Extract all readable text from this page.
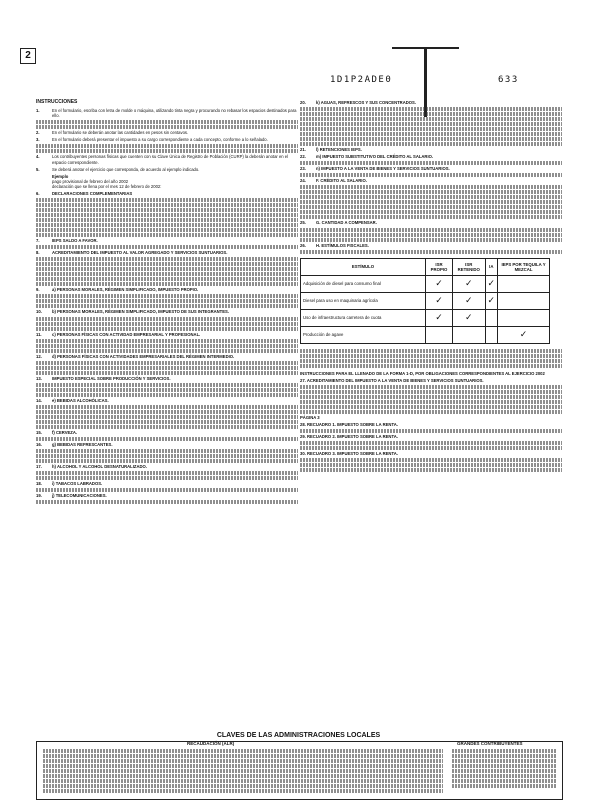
2
1D1P2ADE0	633
INSTRUCCIONES
1.	En el formulario, escriba con letra de molde o máquina, utilizando tinta negra y procurando no rebasar los espacios destinados para ello.
2.	En el formulario se deberán anotar las cantidades en pesos sin centavos.
3.	En el formulario deberá presentar el impuesto a su cargo correspondiente a cada concepto, conforme a lo señalado.
4.	Los contribuyentes personas físicas que cuenten con su Clave Única de Registro de Población (CURP) la deberán anotar en el espacio correspondiente.
5.	Se deberá anotar el ejercicio que corresponda, de acuerdo al ejemplo indicado.
Ejemplo
pago provisional de febrero del año 2002
declaración que se llena por el mes 12 de febrero de 2002:
6.	DECLARACIONES COMPLEMENTARIAS
7.	IEPS SALDO A FAVOR.
8.	ACREDITAMIENTO DEL IMPUESTO AL VALOR AGREGADO Y SERVICIOS SUNTUARIOS.
9.	a) PERSONAS MORALES, RÉGIMEN SIMPLIFICADO, IMPUESTO PROPIO.
10.	b) PERSONAS MORALES, RÉGIMEN SIMPLIFICADO, IMPUESTO DE SUS INTEGRANTES.
11.	c) PERSONAS FÍSICAS CON ACTIVIDAD EMPRESARIAL Y PROFESIONAL.
12.	d) PERSONAS FÍSICAS CON ACTIVIDADES EMPRESARIALES DEL RÉGIMEN INTERMEDIO.
13.	IMPUESTO ESPECIAL SOBRE PRODUCCIÓN Y SERVICIOS.
14.	e) BEBIDAS ALCOHÓLICAS.
15.	f) CERVEZA.
16.	g) BEBIDAS REFRESCANTES.
17.	h) ALCOHOL Y ALCOHOL DESNATURALIZADO.
18.	i) TABACOS LABRADOS.
19.	j) TELECOMUNICACIONES.
20.	k) AGUAS, REFRESCOS Y SUS CONCENTRADOS.
21.	l) RETENCIONES IEPS.
22.	m) IMPUESTO SUBSTITUTIVO DEL CRÉDITO AL SALARIO.
23.	n) IMPUESTO A LA VENTA DE BIENES Y SERVICIOS SUNTUARIOS.
24.	F. CRÉDITO AL SALARIO.
25.	G. CANTIDAD A COMPENSAR.
26.	H. ESTÍMULOS FISCALES.
ESTÍMULO	ISR PROPIO	ISR RETENIDO	IA	IEPS POR TEQUILA Y MEZCAL
Adquisición de diesel para consumo final	✓	✓	✓	
Diesel para uso en maquinaria agrícola	✓	✓	✓	
Uso de infraestructura carretera de cuota	✓	✓		
Producción de agave				✓
INSTRUCCIONES PARA EL LLENADO DE LA FORMA 1-D, POR OBLIGACIONES CORRESPONDIENTES AL EJERCICIO 2002
27. ACREDITAMIENTO DEL IMPUESTO A LA VENTA DE BIENES Y SERVICIOS SUNTUARIOS.
PÁGINA 3
28. RECUADRO 1. IMPUESTO SOBRE LA RENTA.
29. RECUADRO 2. IMPUESTO SOBRE LA RENTA.
30. RECUADRO 3. IMPUESTO SOBRE LA RENTA.
CLAVES DE LAS ADMINISTRACIONES LOCALES
RECAUDACIÓN (ALR)	GRANDES CONTRIBUYENTES
